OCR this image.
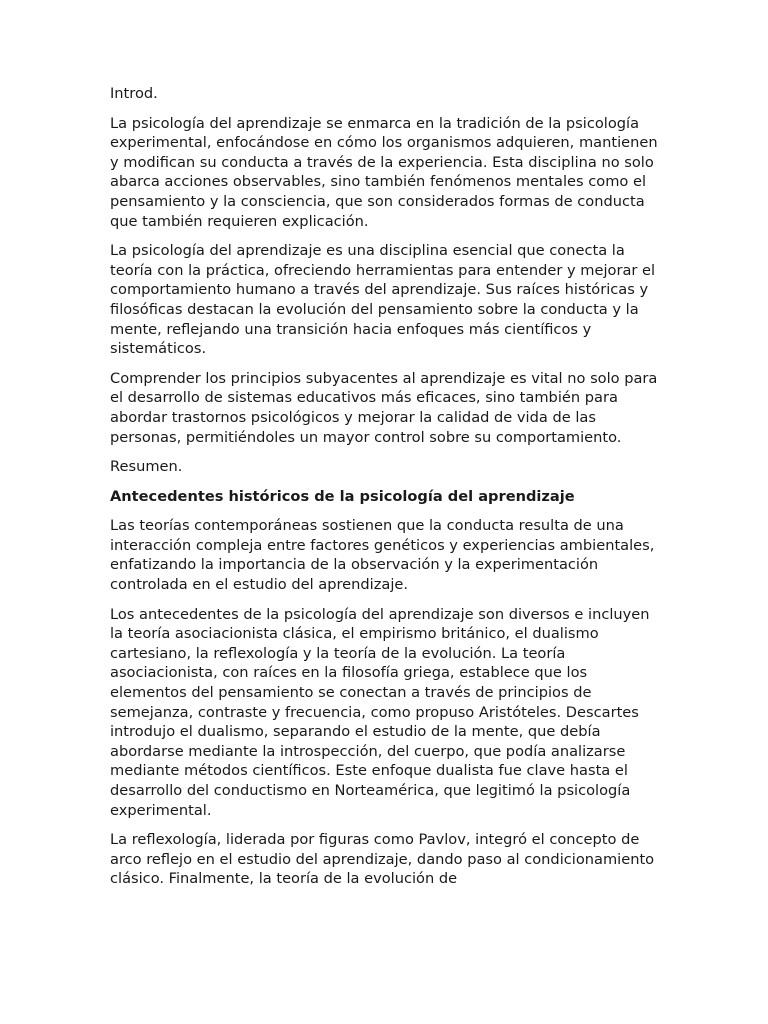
Introd.

La psicología del aprendizaje se enmarca en la tradición de la psicología experimental, enfocándose en cómo los organismos adquieren, mantienen y modifican su conducta a través de la experiencia. Esta disciplina no solo abarca acciones observables, sino también fenómenos mentales como el pensamiento y la consciencia, que son considerados formas de conducta que también requieren explicación.

La psicología del aprendizaje es una disciplina esencial que conecta la teoría con la práctica, ofreciendo herramientas para entender y mejorar el comportamiento humano a través del aprendizaje. Sus raíces históricas y filosóficas destacan la evolución del pensamiento sobre la conducta y la mente, reflejando una transición hacia enfoques más científicos y sistemáticos.

Comprender los principios subyacentes al aprendizaje es vital no solo para el desarrollo de sistemas educativos más eficaces, sino también para abordar trastornos psicológicos y mejorar la calidad de vida de las personas, permitiéndoles un mayor control sobre su comportamiento.

Resumen.

Antecedentes históricos de la psicología del aprendizaje

Las teorías contemporáneas sostienen que la conducta resulta de una interacción compleja entre factores genéticos y experiencias ambientales, enfatizando la importancia de la observación y la experimentación controlada en el estudio del aprendizaje.

Los antecedentes de la psicología del aprendizaje son diversos e incluyen la teoría asociacionista clásica, el empirismo británico, el dualismo cartesiano, la reflexología y la teoría de la evolución. La teoría asociacionista, con raíces en la filosofía griega, establece que los elementos del pensamiento se conectan a través de principios de semejanza, contraste y frecuencia, como propuso Aristóteles. Descartes introdujo el dualismo, separando el estudio de la mente, que debía abordarse mediante la introspección, del cuerpo, que podía analizarse mediante métodos científicos. Este enfoque dualista fue clave hasta el desarrollo del conductismo en Norteamérica, que legitimó la psicología experimental.

La reflexología, liderada por figuras como Pavlov, integró el concepto de arco reflejo en el estudio del aprendizaje, dando paso al condicionamiento clásico. Finalmente, la teoría de la evolución de
